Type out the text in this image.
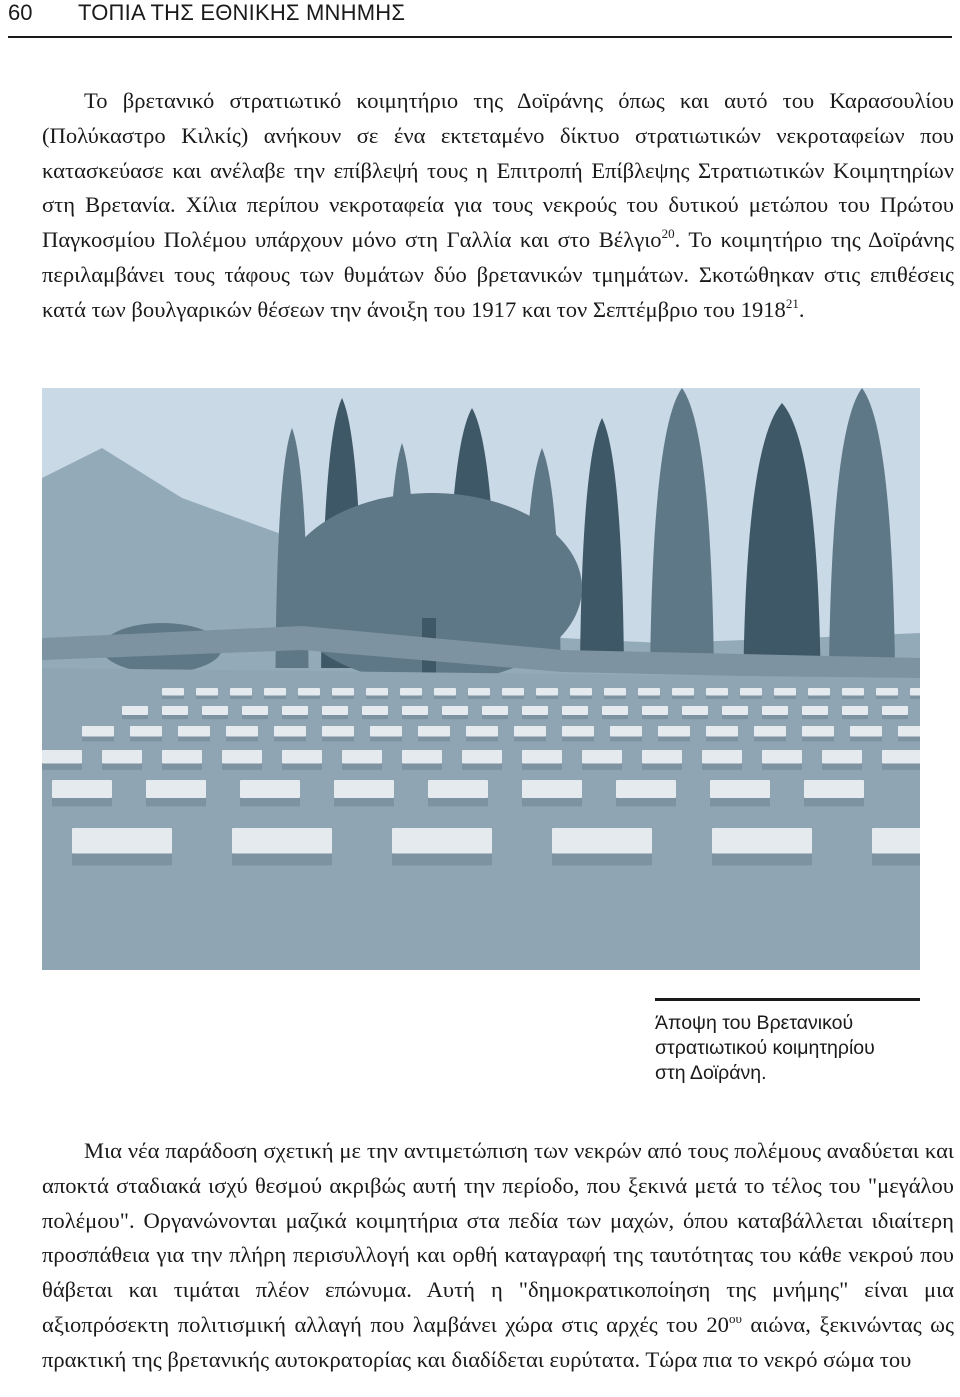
60	ΤΟΠΙΑ ΤΗΣ ΕΘΝΙΚΗΣ ΜΝΗΜΗΣ

Το βρετανικό στρατιωτικό κοιμητήριο της Δοϊράνης όπως και αυτό του Καρασουλίου (Πολύκαστρο Κιλκίς) ανήκουν σε ένα εκτεταμένο δίκτυο στρατιωτικών νεκροταφείων που κατασκεύασε και ανέλαβε την επίβλεψή τους η Επιτροπή Επίβλεψης Στρατιωτικών Κοιμητηρίων στη Βρετανία. Χίλια περίπου νεκροταφεία για τους νεκρούς του δυτικού μετώπου του Πρώτου Παγκοσμίου Πολέμου υπάρχουν μόνο στη Γαλλία και στο Βέλγιο$^{20}$. Το κοιμητήριο της Δοϊράνης περιλαμβάνει τους τάφους των θυμάτων δύο βρετανικών τμημάτων. Σκοτώθηκαν στις επιθέσεις κατά των βουλγαρικών θέσεων την άνοιξη του 1917 και τον Σεπτέμβριο του 1918$^{21}$.

Άποψη του Βρετανικού
στρατιωτικού κοιμητηρίου
στη Δοϊράνη.

Μια νέα παράδοση σχετική με την αντιμετώπιση των νεκρών από τους πολέμους αναδύεται και αποκτά σταδιακά ισχύ θεσμού ακριβώς αυτή την περίοδο, που ξεκινά μετά το τέλος του "μεγάλου πολέμου". Οργανώνονται μαζικά κοιμητήρια στα πεδία των μαχών, όπου καταβάλλεται ιδιαίτερη προσπάθεια για την πλήρη περισυλλογή και ορθή καταγραφή της ταυτότητας του κάθε νεκρού που θάβεται και τιμάται πλέον επώνυμα. Αυτή η "δημοκρατικοποίηση της μνήμης" είναι μια αξιοπρόσεκτη πολιτισμική αλλαγή που λαμβάνει χώρα στις αρχές του $20^{o\upsilon}$ αιώνα, ξεκινώντας ως πρακτική της βρετανικής αυτοκρατορίας και διαδίδεται ευρύτατα. Τώρα πια το νεκρό σώμα του
